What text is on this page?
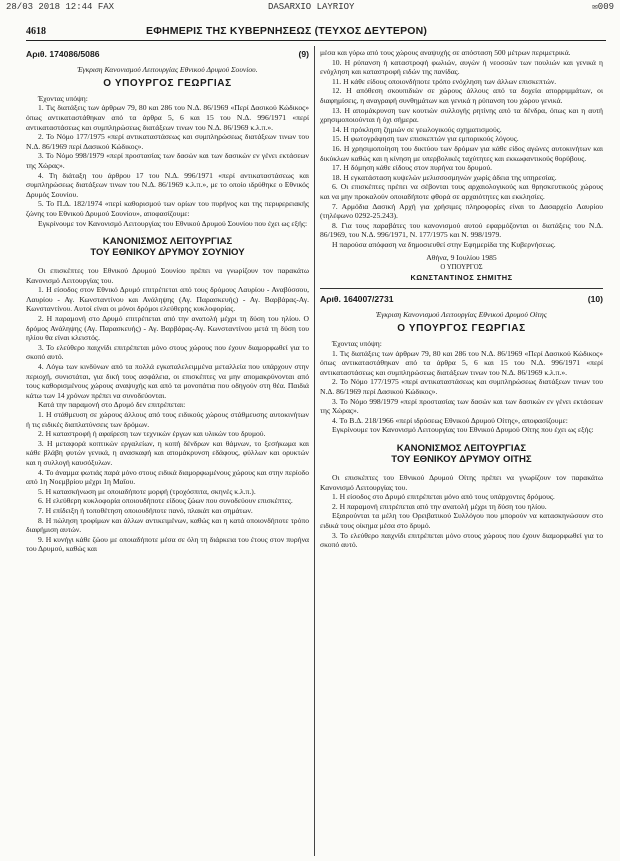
28/03 2018 12:44 FAX	DASARXIO LAYRIOY	✉009
4618	ΕΦΗΜΕΡΙΣ ΤΗΣ ΚΥΒΕΡΝΗΣΕΩΣ (ΤΕΥΧΟΣ ΔΕΥΤΕΡΟΝ)
Αριθ. 174086/5086	(9)

Έγκριση Κανονισμού Λειτουργίας Εθνικού Δρυμού Σουνίου.

Ο ΥΠΟΥΡΓΟΣ ΓΕΩΡΓΙΑΣ

Έχοντας υπόψη:

1. Τις διατάξεις των άρθρων 79, 80 και 286 του Ν.Δ. 86/1969 «Περί Δασικού Κώδικος» όπως αντικαταστάθηκαν από τα άρθρα 5, 6 και 15 του Ν.Δ. 996/1971 «περί αντικαταστάσεως και συμπληρώσεως διατάξεων τινων του Ν.Δ. 86/1969 κ.λ.π.».

2. Το Νόμο 177/1975 «περί αντικαταστάσεως και συμπληρώσεως διατάξεων τινων του Ν.Δ. 86/1969 περί Δασικού Κώδικος».

3. Το Νόμο 998/1979 «περί προστασίας των δασών και των δασικών εν γένει εκτάσεων της Χώρας».

4. Τη διάταξη του άρθρου 17 του Ν.Δ. 996/1971 «περί αντικαταστάσεως και συμπληρώσεως διατάξεων τινων του Ν.Δ. 86/1969 κ.λ.π.», με το οποίο ιδρύθηκε ο Εθνικός Δρυμός Σουνίου.

5. Το Π.Δ. 182/1974 «περί καθορισμού των ορίων του πυρήνος και της περιφερειακής ζώνης του Εθνικού Δρυμού Σουνίου», αποφασίζουμε:

Εγκρίνουμε τον Κανονισμό Λειτουργίας του Εθνικού Δρυμού Σουνίου που έχει ως εξής:

ΚΑΝΟΝΙΣΜΟΣ ΛΕΙΤΟΥΡΓΙΑΣ
ΤΟΥ ΕΘΝΙΚΟΥ ΔΡΥΜΟΥ ΣΟΥΝΙΟΥ

Οι επισκέπτες του Εθνικού Δρυμού Σουνίου πρέπει να γνωρίζουν τον παρακάτω Κανονισμό Λειτουργίας του.

1. Η είσοδος στον Εθνικό Δρυμό επιτρέπεται από τους δρόμους Λαυρίου - Αναβύσσου, Λαυρίου - Αγ. Κωνσταντίνου και Ανάληψης (Αγ. Παρασκευής) - Αγ. Βαρβάρας-Αγ. Κωνσταντίνου. Αυτοί είναι οι μόνοι δρόμοι ελεύθερης κυκλοφορίας.

2. Η παραμονή στο Δρυμό επιτρέπεται από την ανατολή μέχρι τη δύση του ηλίου. Ο δρόμος Ανάληψης (Αγ. Παρασκευής) - Αγ. Βαρβάρας-Αγ. Κωνσταντίνου μετά τη δύση του ηλίου θα είναι κλειστός.

3. Το ελεύθερο παιχνίδι επιτρέπεται μόνο στους χώρους που έχουν διαμορφωθεί για το σκοπό αυτό.

4. Λόγω των κινδύνων από τα πολλά εγκαταλελειμμένα μεταλλεία που υπάρχουν στην περιοχή, συνιστάται, για δική τους ασφάλεια, οι επισκέπτες να μην απομακρύνονται από τους καθορισμένους χώρους αναψυχής και από τα μονοπάτια που οδηγούν στη θέα. Παιδιά κάτω των 14 χρόνων πρέπει να συνοδεύονται.

Κατά την παραμονή στο Δρυμό δεν επιτρέπεται:

1. Η στάθμευση σε χώρους άλλους από τους ειδικούς χώρους στάθμευσης αυτοκινήτων ή τις ειδικές διαπλατύνσεις των δρόμων.

2. Η καταστροφή ή αφαίρεση των τεχνικών έργων και υλικών του δρυμού.

3. Η μεταφορά κοπτικών εργαλείων, η κοπή δένδρων και θάμνων, το ξεσήκωμα και κάθε βλάβη φυτών γενικά, η ανασκαφή και απομάκρυνση εδάφους, φύλλων και ορυκτών και η συλλογή καυσόξυλων.

4. Το άναμμα φωτιάς παρά μόνο στους ειδικά διαμορφωμένους χώρους και στην περίοδο από 1η Νοεμβρίου μέχρι 1η Μαΐου.

5. Η κατασκήνωση με οποιαδήποτε μορφή (τροχόσπιτα, σκηνές κ.λ.π.).

6. Η ελεύθερη κυκλοφορία οποιουδήποτε είδους ζώων που συνοδεύουν επισκέπτες.

7. Η επίδειξη ή τοποθέτηση οποιουδήποτε πανό, πλακάτ και σημάτων.

8. Η πώληση τροφίμων και άλλων αντικειμένων, καθώς και η κατά οποιονδήποτε τρόπο διαφήμιση αυτών.

9. Η κυνήγι κάθε ζώου με οποιαδήποτε μέσα σε όλη τη διάρκεια του έτους στον πυρήνα του Δρυμού, καθώς και

μέσα και γύρω από τους χώρους αναψυχής σε απόσταση 500 μέτρων περιμετρικά.

10. Η ρύπανση ή καταστροφή φωλιών, αυγών ή νεοσσών των πουλιών και γενικά η ενόχληση και καταστροφή ειδών της πανίδας.

11. Η κάθε είδους οποιονδήποτε τρόπο ενόχληση των άλλων επισκεπτών.

12. Η απόθεση σκουπιδιών σε χώρους άλλους από τα δοχεία απορριμμάτων, οι διαφημίσεις, η αναγραφή συνθημάτων και γενικά η ρύπανση του χώρου γενικά.

13. Η απομάκρυνση των κουτιών συλλογής ρητίνης από τα δένδρα, όπως και η αυτή χρησιμοποιούνται ή όχι σήμερα.

14. Η πρόκληση ζημιών σε γεωλογικούς σχηματισμούς.

15. Η φωτογράφηση των επισκεπτών για εμπορικούς λόγους.

16. Η χρησιμοποίηση του δικτύου των δρόμων για κάθε είδος αγώνες αυτοκινήτων και δικύκλων καθώς και η κίνηση με υπερβολικές ταχύτητες και εκκωφαντικούς θορύβους.

17. Η δόμηση κάθε είδους στον πυρήνα του δρυμού.

18. Η εγκατάσταση κυψελών μελισσοσμηνών χωρίς άδεια της υπηρεσίας.

6. Οι επισκέπτες πρέπει να σέβονται τους αρχαιολογικούς και θρησκευτικούς χώρους και να μην προκαλούν οποιαδήποτε φθορά σε αρχαιότητες και εκκλησίες.

7. Αρμόδια Δασική Αρχή για χρήσιμες πληροφορίες είναι το Δασαρχείο Λαυρίου (τηλέφωνο 0292-25.243).

8. Για τους παραβάτες του κανονισμού αυτού εφαρμόζονται οι διατάξεις του Ν.Δ. 86/1969, του Ν.Δ. 996/1971, Ν. 177/1975 και Ν. 998/1979.

Η παρούσα απόφαση να δημοσιευθεί στην Εφημερίδα της Κυβερνήσεως.

Αθήνα, 9 Ιουλίου 1985

Ο ΥΠΟΥΡΓΟΣ

ΚΩΝΣΤΑΝΤΙΝΟΣ ΣΗΜΙΤΗΣ

Αριθ. 164007/2731	(10)

Έγκριση Κανονισμού Λειτουργίας Εθνικού Δρυμού Οίτης

Ο ΥΠΟΥΡΓΟΣ ΓΕΩΡΓΙΑΣ

Έχοντας υπόψη:

1. Τις διατάξεις των άρθρων 79, 80 και 286 του Ν.Δ. 86/1969 «Περί Δασικού Κώδικος» όπως αντικαταστάθηκαν από τα άρθρα 5, 6 και 15 του Ν.Δ. 996/1971 «περί αντικαταστάσεως και συμπληρώσεως διατάξεων τινων του Ν.Δ. 86/1969 κ.λ.π.».

2. Το Νόμο 177/1975 «περί αντικαταστάσεως και συμπληρώσεως διατάξεων τινων του Ν.Δ. 86/1969 περί Δασικού Κώδικος».

3. Το Νόμο 998/1979 «περί προστασίας των δασών και των δασικών εν γένει εκτάσεων της Χώρας».

4. Το Β.Δ. 218/1966 «περί ιδρύσεως Εθνικού Δρυμού Οίτης», αποφασίζουμε:

Εγκρίνουμε τον Κανονισμό Λειτουργίας του Εθνικού Δρυμού Οίτης που έχει ως εξής:

ΚΑΝΟΝΙΣΜΟΣ ΛΕΙΤΟΥΡΓΙΑΣ
ΤΟΥ ΕΘΝΙΚΟΥ ΔΡΥΜΟΥ ΟΙΤΗΣ

Οι επισκέπτες του Εθνικού Δρυμού Οίτης πρέπει να γνωρίζουν τον παρακάτω Κανονισμό Λειτουργίας του.

1. Η είσοδος στο Δρυμό επιτρέπεται μόνο από τους υπάρχοντες δρόμους.

2. Η παραμονή επιτρέπεται από την ανατολή μέχρι τη δύση του ηλίου.

Εξαιρούνται τα μέλη του Ορειβατικού Συλλόγου που μπορούν να κατασκηνώσουν στο ειδικά τους οίκημα μέσα στο δρυμό.

3. Το ελεύθερο παιχνίδι επιτρέπεται μόνο στους χώρους που έχουν διαμορφωθεί για το σκοπό αυτό.
